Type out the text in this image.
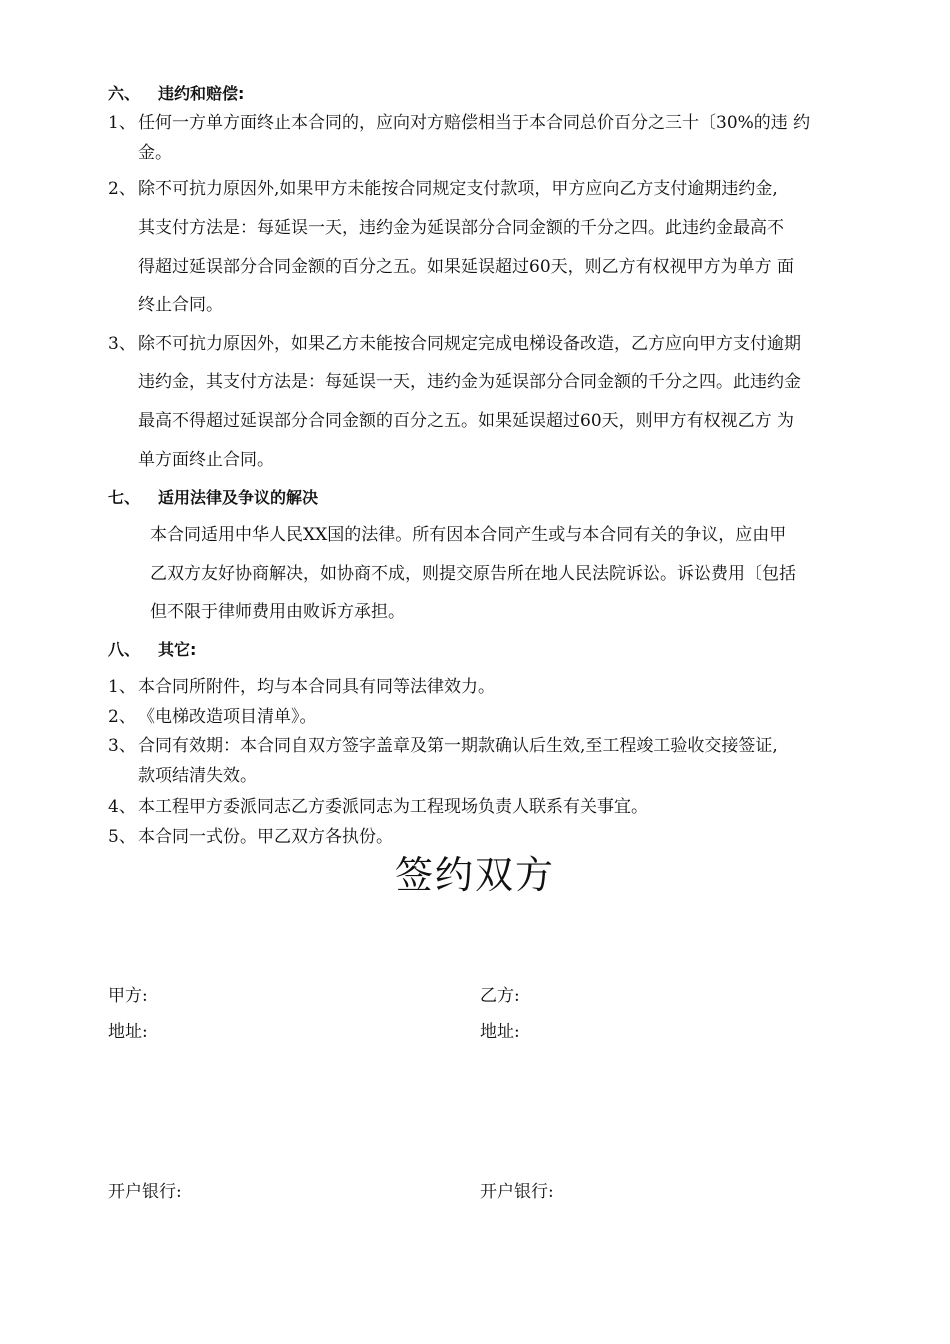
六、 违约和赔偿:
1、 任何一方单方面终止本合同的，应向对方赔偿相当于本合同总价百分之三十〔30%的违 约
金。
2、 除不可抗力原因外,如果甲方未能按合同规定支付款项，甲方应向乙方支付逾期违约金,
其支付方法是：每延误一天，违约金为延误部分合同金额的千分之四。此违约金最高不
得超过延误部分合同金额的百分之五。如果延误超过60天，则乙方有权视甲方为单方 面
终止合同。
3、 除不可抗力原因外，如果乙方未能按合同规定完成电梯设备改造，乙方应向甲方支付逾期
违约金，其支付方法是：每延误一天，违约金为延误部分合同金额的千分之四。此违约金
最高不得超过延误部分合同金额的百分之五。如果延误超过60天，则甲方有权视乙方 为
单方面终止合同。
七、 适用法律及争议的解决
本合同适用中华人民XX国的法律。所有因本合同产生或与本合同有关的争议，应由甲
乙双方友好协商解决，如协商不成，则提交原告所在地人民法院诉讼。诉讼费用〔包括
但不限于律师费用由败诉方承担。
八、 其它:
1、 本合同所附件，均与本合同具有同等法律效力。
2、 《电梯改造项目清单》。
3、 合同有效期：本合同自双方签字盖章及第一期款确认后生效,至工程竣工验收交接签证,
款项结清失效。
4、 本工程甲方委派同志乙方委派同志为工程现场负责人联系有关事宜。
5、 本合同一式份。甲乙双方各执份。
签约双方
甲方:	乙方:
地址:	地址:
开户银行:	开户银行:
